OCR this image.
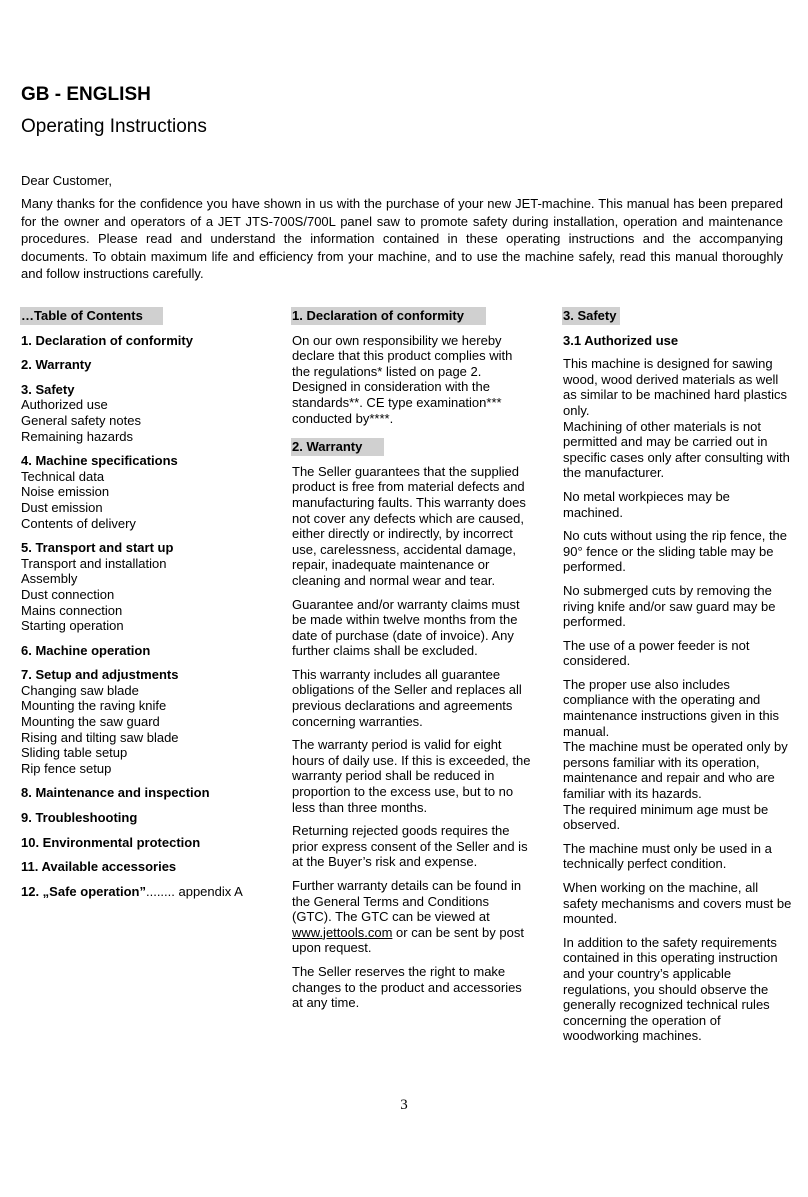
GB - ENGLISH
Operating Instructions

Dear Customer,

Many thanks for the confidence you have shown in us with the purchase of your new JET-machine. This manual has been prepared for the owner and operators of a JET JTS-700S/700L panel saw to promote safety during installation, operation and maintenance procedures. Please read and understand the information contained in these operating instructions and the accompanying documents. To obtain maximum life and efficiency from your machine, and to use the machine safely, read this manual thoroughly and follow instructions carefully.

…Table of Contents
1. Declaration of conformity
2. Warranty
3. Safety
Authorized use
General safety notes
Remaining hazards
4. Machine specifications
Technical data
Noise emission
Dust emission
Contents of delivery
5. Transport and start up
Transport and installation
Assembly
Dust connection
Mains connection
Starting operation
6. Machine operation
7. Setup and adjustments
Changing saw blade
Mounting the raving knife
Mounting the saw guard
Rising and tilting saw blade
Sliding table setup
Rip fence setup
8. Maintenance and inspection
9. Troubleshooting
10. Environmental protection
11. Available accessories
12. „Safe operation”........ appendix A
1. Declaration of conformity

On our own responsibility we hereby declare that this product complies with the regulations* listed on page 2. Designed in consideration with the standards**. CE type examination*** conducted by****.

2. Warranty

The Seller guarantees that the supplied product is free from material defects and manufacturing faults. This warranty does not cover any defects which are caused, either directly or indirectly, by incorrect use, carelessness, accidental damage, repair, inadequate maintenance or cleaning and normal wear and tear.

Guarantee and/or warranty claims must be made within twelve months from the date of purchase (date of invoice). Any further claims shall be excluded.

This warranty includes all guarantee obligations of the Seller and replaces all previous declarations and agreements concerning warranties.

The warranty period is valid for eight hours of daily use. If this is exceeded, the warranty period shall be reduced in proportion to the excess use, but to no less than three months.

Returning rejected goods requires the prior express consent of the Seller and is at the Buyer’s risk and expense.

Further warranty details can be found in the General Terms and Conditions (GTC). The GTC can be viewed at www.jettools.com or can be sent by post upon request.

The Seller reserves the right to make changes to the product and accessories at any time.

3. Safety
3.1 Authorized use

This machine is designed for sawing wood, wood derived materials as well as similar to be machined hard plastics only.
Machining of other materials is not permitted and may be carried out in specific cases only after consulting with the manufacturer.

No metal workpieces may be machined.

No cuts without using the rip fence, the 90° fence or the sliding table may be performed.

No submerged cuts by removing the riving knife and/or saw guard may be performed.

The use of a power feeder is not considered.

The proper use also includes compliance with the operating and maintenance instructions given in this manual.
The machine must be operated only by persons familiar with its operation, maintenance and repair and who are familiar with its hazards.
The required minimum age must be observed.

The machine must only be used in a technically perfect condition.

When working on the machine, all safety mechanisms and covers must be mounted.

In addition to the safety requirements contained in this operating instruction and your country’s applicable regulations, you should observe the generally recognized technical rules concerning the operation of woodworking machines.

3
